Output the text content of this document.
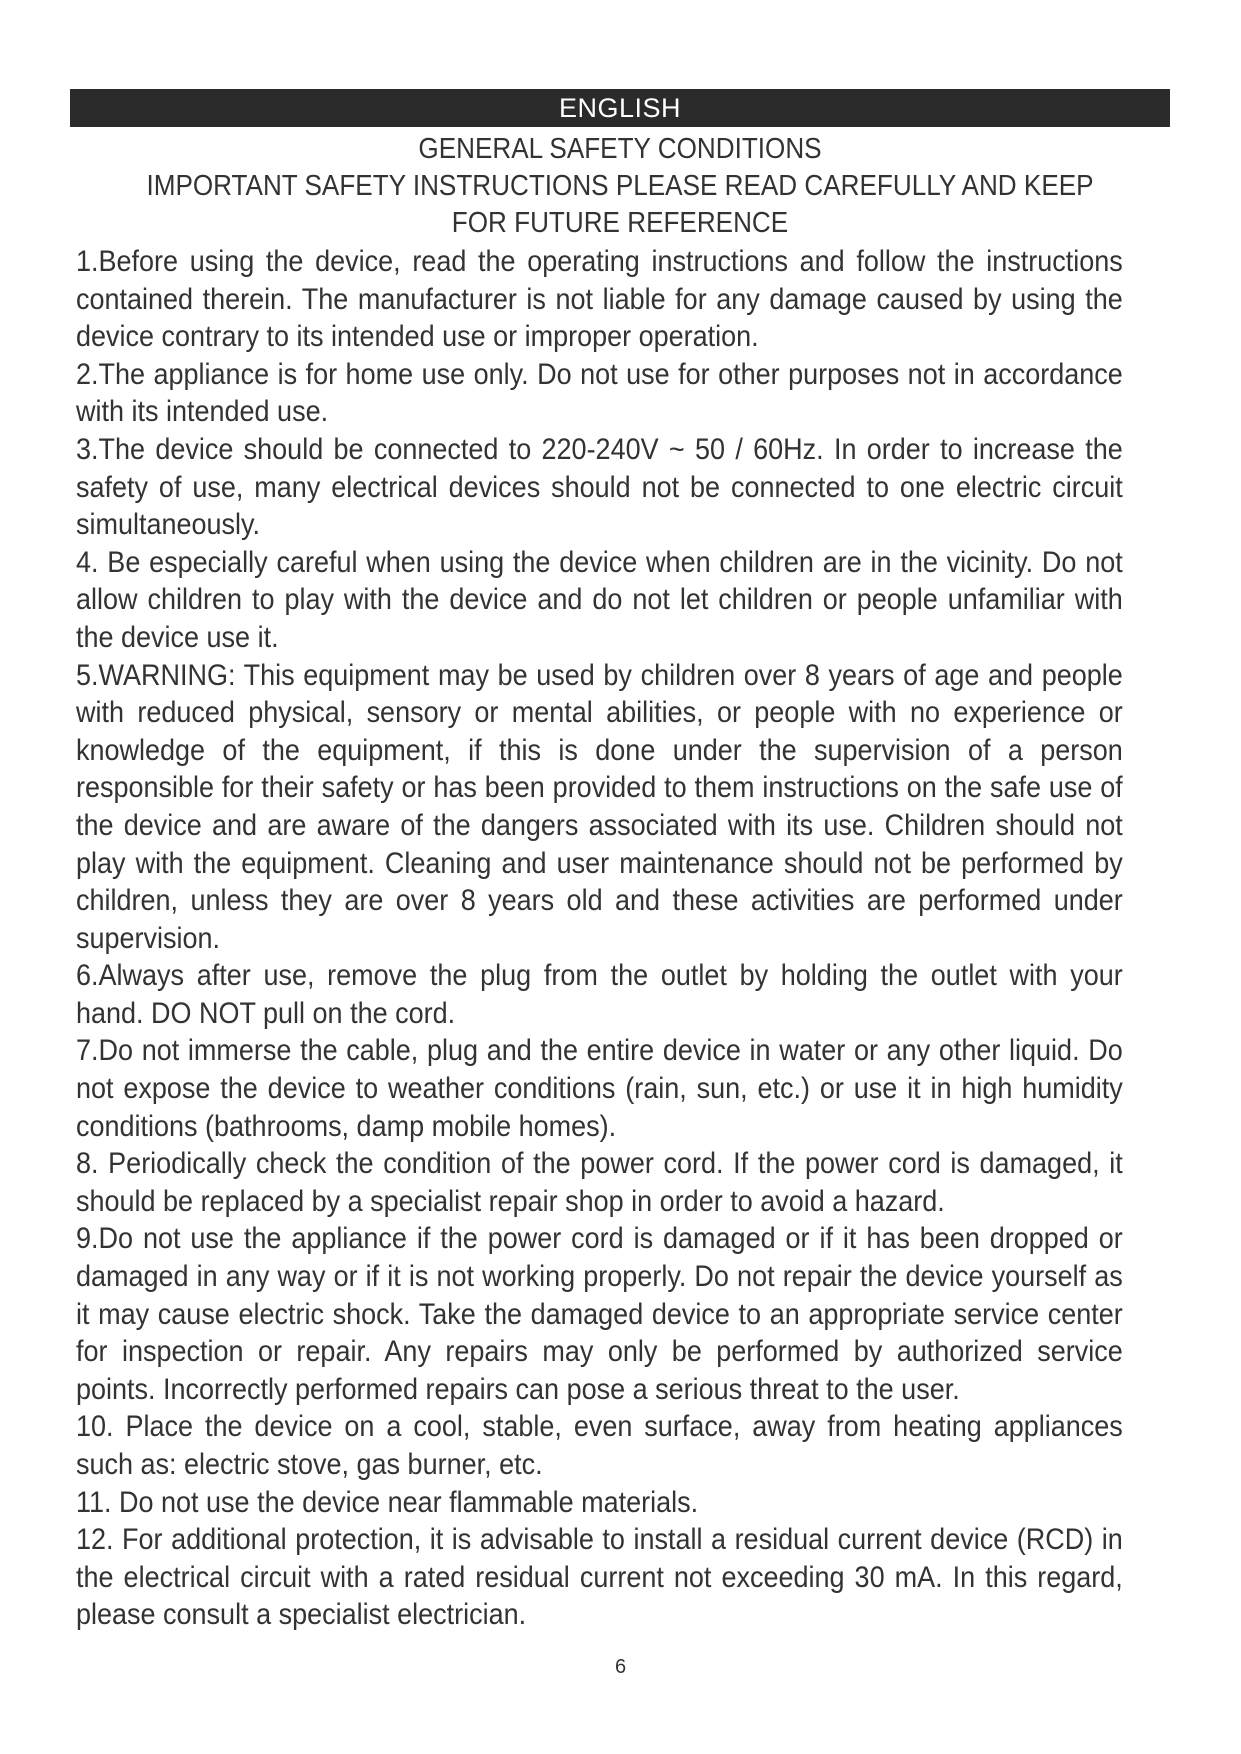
ENGLISH
GENERAL SAFETY CONDITIONS
IMPORTANT SAFETY INSTRUCTIONS PLEASE READ CAREFULLY AND KEEP FOR FUTURE REFERENCE

1.Before using the device, read the operating instructions and follow the instructions contained therein. The manufacturer is not liable for any damage caused by using the device contrary to its intended use or improper operation.

2.The appliance is for home use only. Do not use for other purposes not in accordance with its intended use.

3.The device should be connected to 220-240V ~ 50 / 60Hz. In order to increase the safety of use, many electrical devices should not be connected to one electric circuit simultaneously.

4. Be especially careful when using the device when children are in the vicinity. Do not allow children to play with the device and do not let children or people unfamiliar with the device use it.

5.WARNING: This equipment may be used by children over 8 years of age and people with reduced physical, sensory or mental abilities, or people with no experience or knowledge of the equipment, if this is done under the supervision of a person responsible for their safety or has been provided to them instructions on the safe use of the device and are aware of the dangers associated with its use. Children should not play with the equipment. Cleaning and user maintenance should not be performed by children, unless they are over 8 years old and these activities are performed under supervision.

6.Always after use, remove the plug from the outlet by holding the outlet with your hand. DO NOT pull on the cord.

7.Do not immerse the cable, plug and the entire device in water or any other liquid. Do not expose the device to weather conditions (rain, sun, etc.) or use it in high humidity conditions (bathrooms, damp mobile homes).

8. Periodically check the condition of the power cord. If the power cord is damaged, it should be replaced by a specialist repair shop in order to avoid a hazard.

9.Do not use the appliance if the power cord is damaged or if it has been dropped or damaged in any way or if it is not working properly. Do not repair the device yourself as it may cause electric shock. Take the damaged device to an appropriate service center for inspection or repair. Any repairs may only be performed by authorized service points. Incorrectly performed repairs can pose a serious threat to the user.

10. Place the device on a cool, stable, even surface, away from heating appliances such as: electric stove, gas burner, etc.

11. Do not use the device near flammable materials.

12. For additional protection, it is advisable to install a residual current device (RCD) in the electrical circuit with a rated residual current not exceeding 30 mA. In this regard, please consult a specialist electrician.

6
